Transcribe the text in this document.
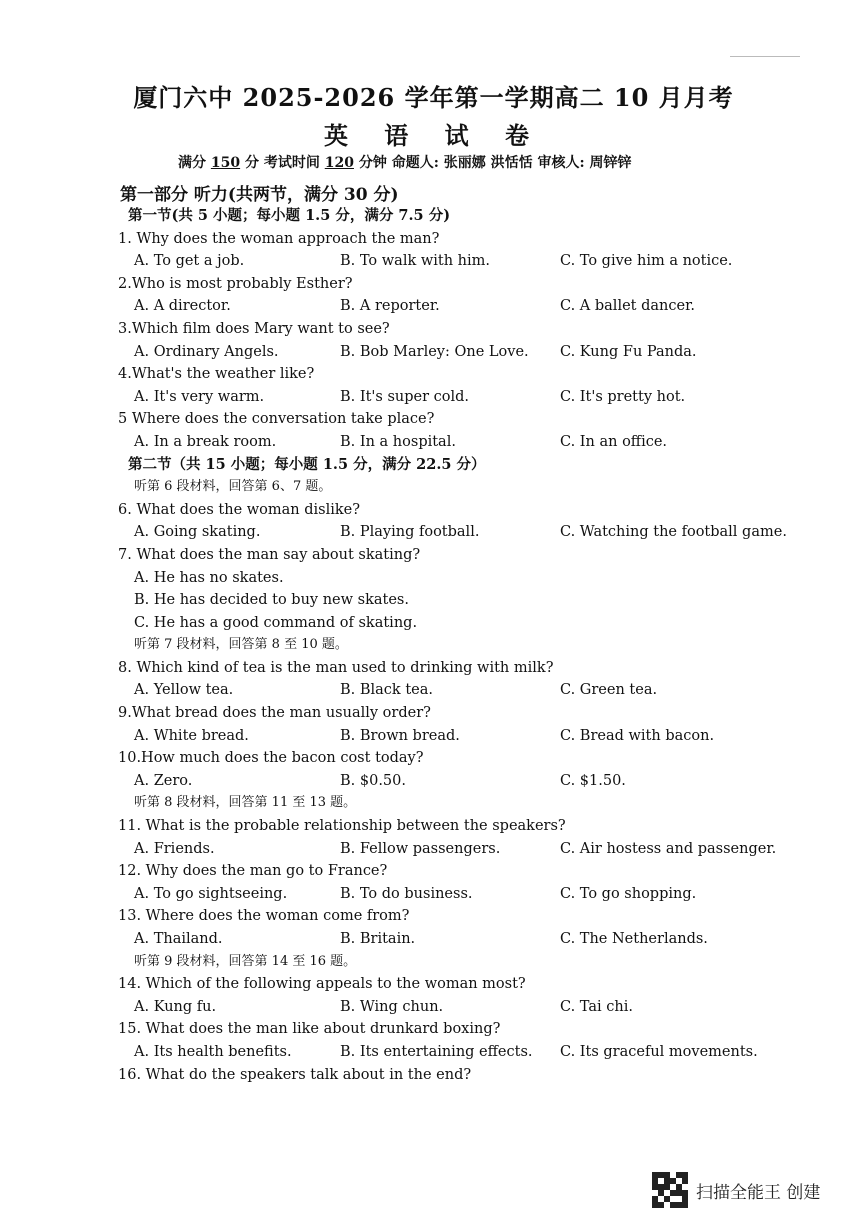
厦门六中 2025-2026 学年第一学期高二 10 月月考
英 语 试 卷
满分 150 分 考试时间 120 分钟 命题人: 张丽娜 洪恬恬 审核人: 周锌锌
第一部分 听力(共两节，满分 30 分)
第一节(共 5 小题；每小题 1.5 分，满分 7.5 分)
1. Why does the woman approach the man?
A. To get a job.	B. To walk with him.	C. To give him a notice.
2.Who is most probably Esther?
A. A director.	B. A reporter.	C. A ballet dancer.
3.Which film does Mary want to see?
A. Ordinary Angels.	B. Bob Marley: One Love. C. Kung Fu Panda.
4.What's the weather like?
A. It's very warm.	B. It's super cold.	C. It's pretty hot.
5 Where does the conversation take place?
A. In a break room.	B. In a hospital.	C. In an office.
第二节（共 15 小题；每小题 1.5 分，满分 22.5 分）
听第 6 段材料，回答第 6、7 题。
6. What does the woman dislike?
A. Going skating.	B. Playing football.	C. Watching the football game.
7. What does the man say about skating?
A. He has no skates.
B. He has decided to buy new skates.
C. He has a good command of skating.
听第 7 段材料，回答第 8 至 10 题。
8. Which kind of tea is the man used to drinking with milk?
A. Yellow tea.	B. Black tea.	C. Green tea.
9.What bread does the man usually order?
A. White bread.	B. Brown bread.	C. Bread with bacon.
10.How much does the bacon cost today?
A. Zero.	B. $0.50.	C. $1.50.
听第 8 段材料，回答第 11 至 13 题。
11. What is the probable relationship between the speakers?
A. Friends.	B. Fellow passengers.	C. Air hostess and passenger.
12. Why does the man go to France?
A. To go sightseeing.	B. To do business.	C. To go shopping.
13. Where does the woman come from?
A. Thailand.	B. Britain.	C. The Netherlands.
听第 9 段材料，回答第 14 至 16 题。
14. Which of the following appeals to the woman most?
A. Kung fu.	B. Wing chun.	C. Tai chi.
15. What does the man like about drunkard boxing?
A. Its health benefits.	B. Its entertaining effects. C. Its graceful movements.
16. What do the speakers talk about in the end?
扫描全能王 创建
